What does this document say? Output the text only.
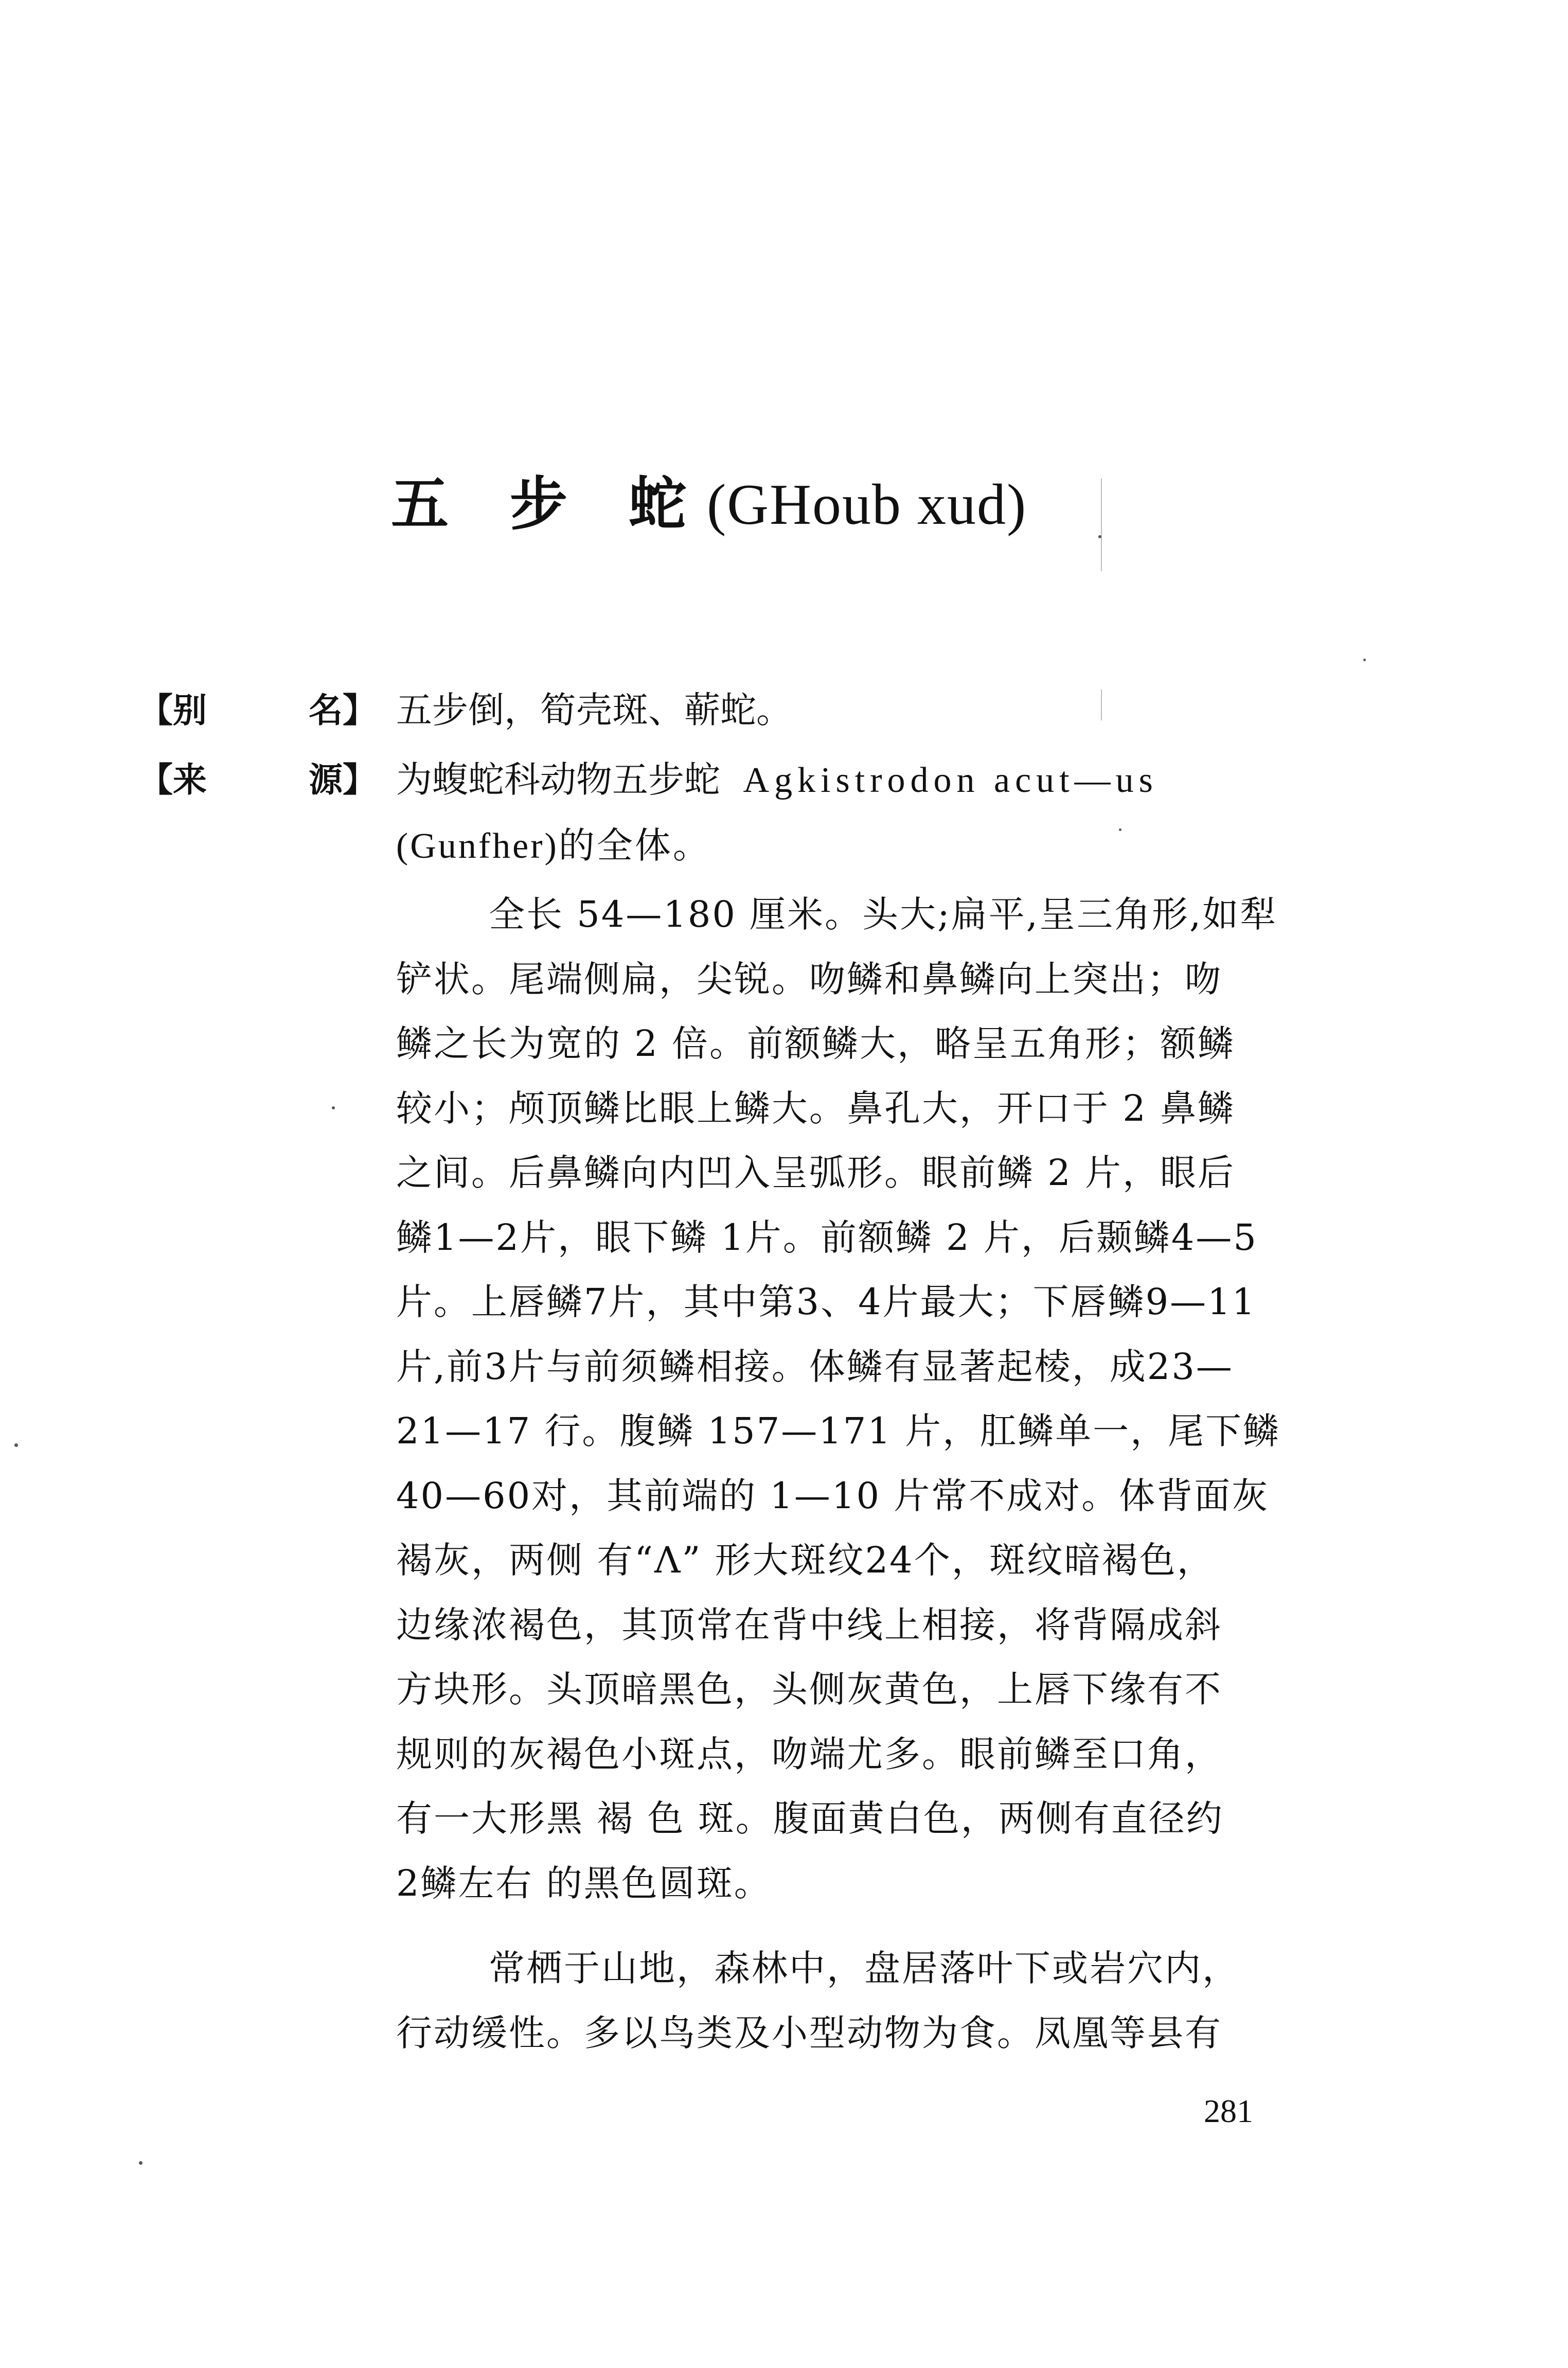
五 步 蛇(GHoub xud)
【别	名】 五步倒，筍壳斑、蕲蛇。
【来	源】 为蝮蛇科动物五步蛇 Agkistrodon acut—us
(Gunfher)的全体。
全长 54—180 厘米。头大;扁平,呈三角形,如犁
铲状。尾端侧扁，尖锐。吻鳞和鼻鳞向上突出；吻
鳞之长为宽的 2 倍。前额鳞大，略呈五角形；额鳞
较小；颅顶鳞比眼上鳞大。鼻孔大，开口于 2 鼻鳞
之间。后鼻鳞向内凹入呈弧形。眼前鳞 2 片，眼后
鳞1—2片，眼下鳞 1片。前额鳞 2 片，后颞鳞4—5
片。上唇鳞7片，其中第3、4片最大；下唇鳞9—11
片,前3片与前须鳞相接。体鳞有显著起棱，成23—
21—17 行。腹鳞 157—171 片，肛鳞单一，尾下鳞
40—60对，其前端的 1—10 片常不成对。体背面灰
褐灰，两侧 有“Λ” 形大斑纹24个，斑纹暗褐色，
边缘浓褐色，其顶常在背中线上相接，将背隔成斜
方块形。头顶暗黑色，头侧灰黄色，上唇下缘有不
规则的灰褐色小斑点，吻端尤多。眼前鳞至口角，
有一大形黑 褐 色 斑。腹面黄白色，两侧有直径约
2鳞左右 的黑色圆斑。
常栖于山地，森林中，盘居落叶下或岩穴内，
行动缓性。多以鸟类及小型动物为食。凤凰等县有
281
